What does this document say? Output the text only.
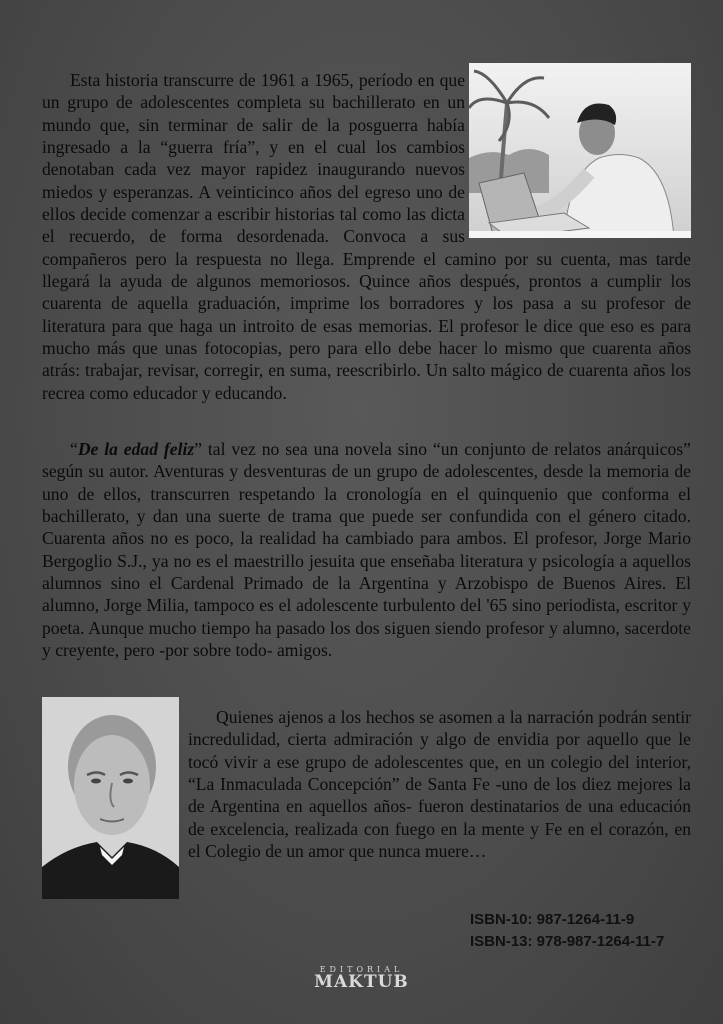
Esta historia transcurre de 1961 a 1965, período en que un grupo de adolescentes completa su bachillerato en un mundo que, sin terminar de salir de la posguerra había ingresado a la “guerra fría”, y en el cual los cambios denotaban cada vez mayor rapidez inaugurando nuevos miedos y esperanzas. A veinticinco años del egreso uno de ellos decide comenzar a escribir historias tal como las dicta el recuerdo, de forma desordenada. Convoca a sus compañeros pero la respuesta no llega. Emprende el camino por su cuenta, mas tarde llegará la ayuda de algunos memoriosos. Quince años después, prontos a cumplir los cuarenta de aquella graduación, imprime los borradores y los pasa a su profesor de literatura para que haga un introito de esas memorias. El profesor le dice que eso es para mucho más que unas fotocopias, pero para ello debe hacer lo mismo que cuarenta años atrás: trabajar, revisar, corregir, en suma, reescribirlo. Un salto mágico de cuarenta años los recrea como educador y educando.
“De la edad feliz” tal vez no sea una novela sino “un conjunto de relatos anárquicos” según su autor. Aventuras y desventuras de un grupo de adolescentes, desde la memoria de uno de ellos, transcurren respetando la cronología en el quinquenio que conforma el bachillerato, y dan una suerte de trama que puede ser confundida con el género citado. Cuarenta años no es poco, la realidad ha cambiado para ambos. El profesor, Jorge Mario Bergoglio S.J., ya no es el maestrillo jesuita que enseñaba literatura y psicología a aquellos alumnos sino el Cardenal Primado de la Argentina y Arzobispo de Buenos Aires. El alumno, Jorge Milia, tampoco es el adolescente turbulento del '65 sino periodista, escritor y poeta. Aunque mucho tiempo ha pasado los dos siguen siendo profesor y alumno, sacerdote y creyente, pero -por sobre todo- amigos.
Quienes ajenos a los hechos se asomen a la narración podrán sentir incredulidad, cierta admiración y algo de envidia por aquello que le tocó vivir a ese grupo de adolescentes que, en un colegio del interior, “La Inmaculada Concepción” de Santa Fe -uno de los diez mejores la de Argentina en aquellos años- fueron destinatarios de una educación de excelencia, realizada con fuego en la mente y Fe en el corazón, en el Colegio de un amor que nunca muere…
ISBN-10: 987-1264-11-9
ISBN-13: 978-987-1264-11-7
EDITORIAL
MAKTUB
